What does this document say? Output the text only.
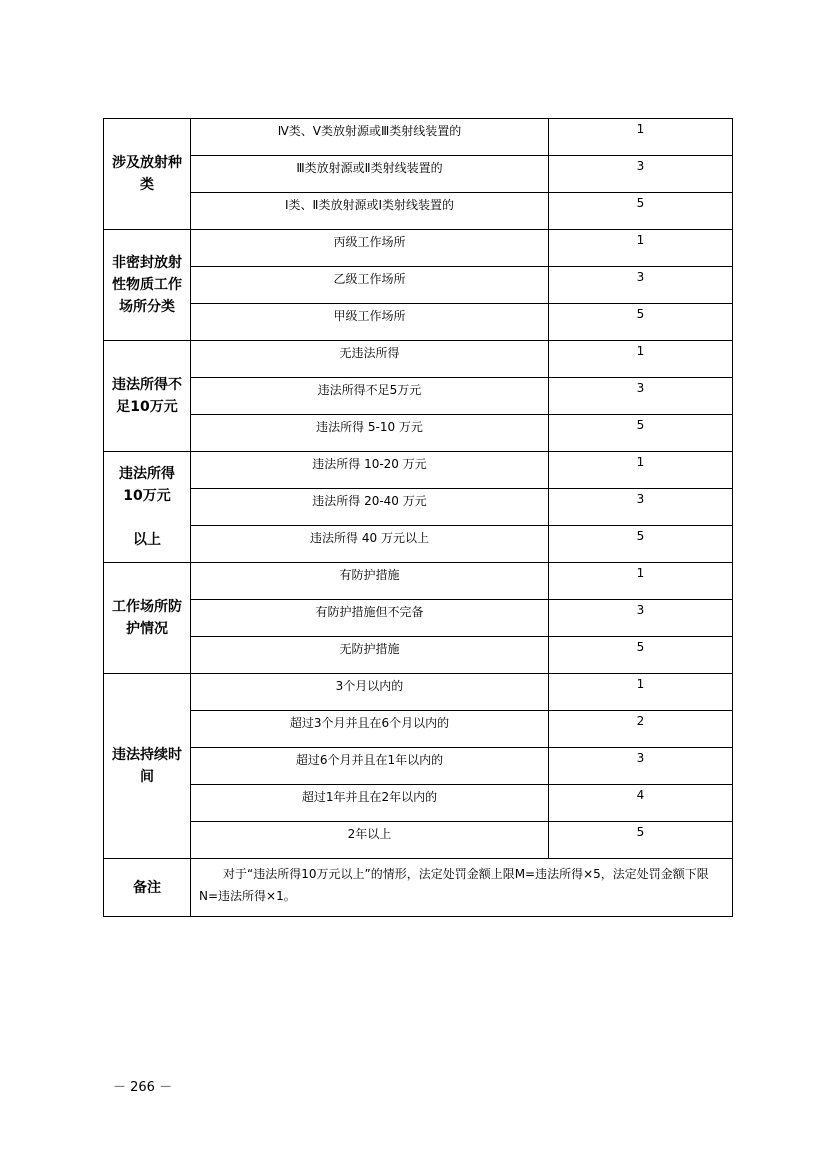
涉及放射种
类	Ⅳ类、Ⅴ类放射源或Ⅲ类射线装置的	1
	Ⅲ类放射源或Ⅱ类射线装置的	3
	Ⅰ类、Ⅱ类放射源或Ⅰ类射线装置的	5

非密封放射
性物质工作
场所分类	丙级工作场所	1
	乙级工作场所	3
	甲级工作场所	5

违法所得不
足10万元	无违法所得	1
	违法所得不足5万元	3
	违法所得 5-10 万元	5

违法所得
10万元

以上	违法所得 10-20 万元	1
	违法所得 20-40 万元	3
	违法所得 40 万元以上	5

工作场所防
护情况	有防护措施	1
	有防护措施但不完备	3
	无防护措施	5

违法持续时
间	3个月以内的	1
	超过3个月并且在6个月以内的	2
	超过6个月并且在1年以内的	3
	超过1年并且在2年以内的	4
	2年以上	5
备注	对于“违法所得10万元以上”的情形，法定处罚金额上限M=违法所得×5，法定处罚金额下限N=违法所得×1。	
－ 266 －
